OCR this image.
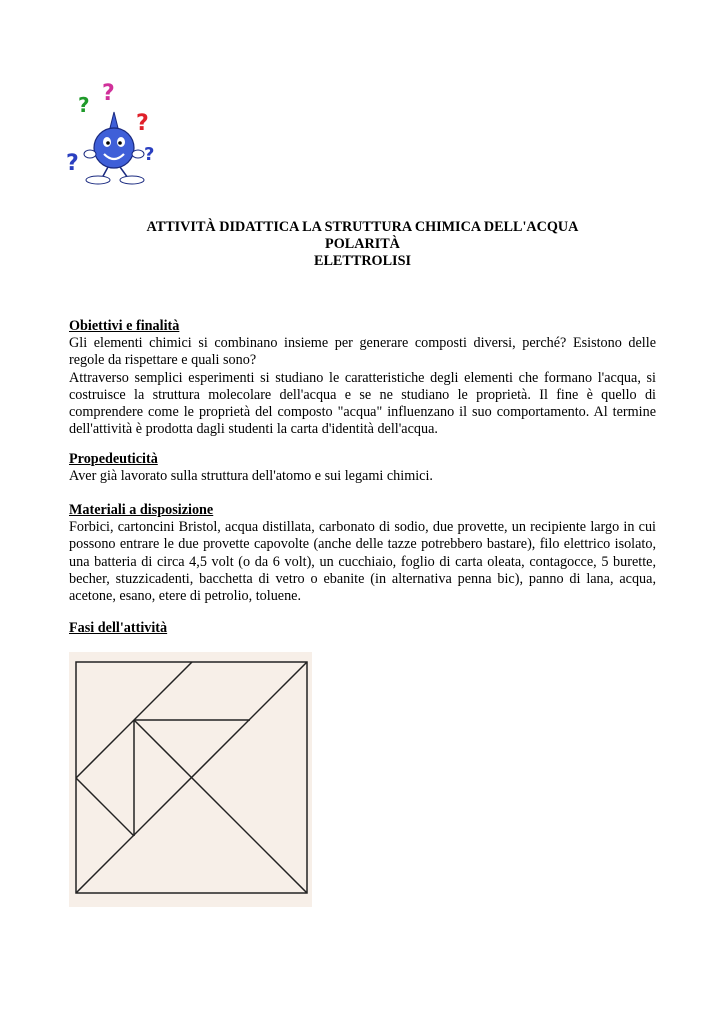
? ?
?
?	?
ATTIVITÀ DIDATTICA LA STRUTTURA CHIMICA DELL'ACQUA
POLARITÀ
ELETTROLISI
Obiettivi e finalità

Gli elementi chimici si combinano insieme per generare composti diversi, perché? Esistono delle regole da rispettare e quali sono?

Attraverso semplici esperimenti si studiano le caratteristiche degli elementi che formano l'acqua, si costruisce la struttura molecolare dell'acqua e se ne studiano le proprietà. Il fine è quello di comprendere come le proprietà del composto "acqua" influenzano il suo comportamento. Al termine dell'attività è prodotta dagli studenti la carta d'identità dell'acqua.

Propedeuticità

Aver già lavorato sulla struttura dell'atomo e sui legami chimici.

Materiali a disposizione

Forbici, cartoncini Bristol, acqua distillata, carbonato di sodio, due provette, un recipiente largo in cui possono entrare le due provette capovolte (anche delle tazze potrebbero bastare), filo elettrico isolato, una batteria di circa 4,5 volt (o da 6 volt), un cucchiaio, foglio di carta oleata, contagocce, 5 burette, becher, stuzzicadenti, bacchetta di vetro o ebanite (in alternativa penna bic), panno di lana, acqua, acetone, esano, etere di petrolio, toluene.

Fasi dell'attività
